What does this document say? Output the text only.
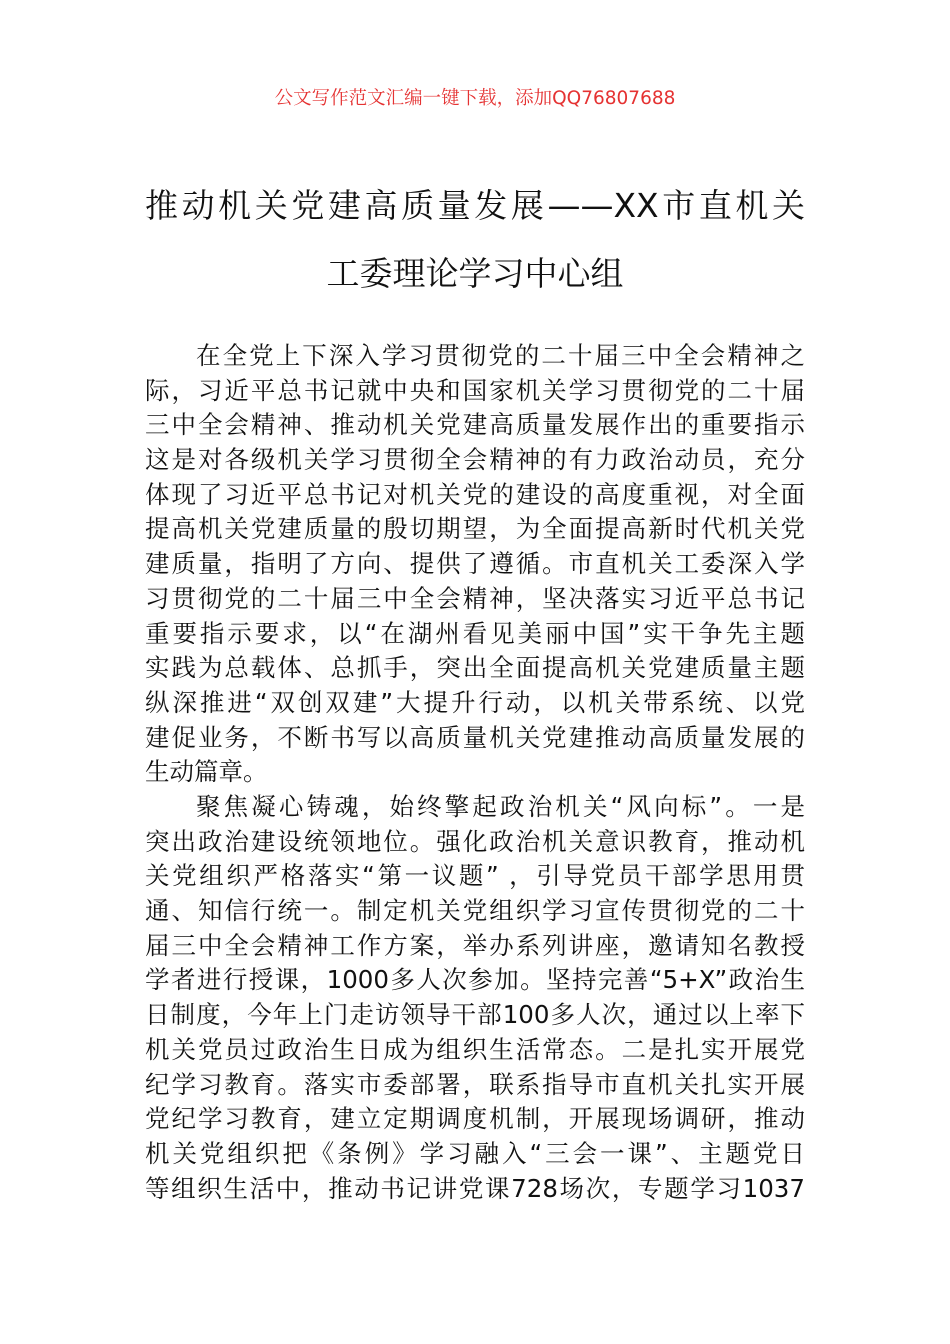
公文写作范文汇编一键下载，添加QQ76807688
推动机关党建高质量发展——XX市直机关
工委理论学习中心组
在全党上下深入学习贯彻党的二十届三中全会精神之
际，习近平总书记就中央和国家机关学习贯彻党的二十届
三中全会精神、推动机关党建高质量发展作出的重要指示
这是对各级机关学习贯彻全会精神的有力政治动员，充分
体现了习近平总书记对机关党的建设的高度重视，对全面
提高机关党建质量的殷切期望，为全面提高新时代机关党
建质量，指明了方向、提供了遵循。市直机关工委深入学
习贯彻党的二十届三中全会精神，坚决落实习近平总书记
重要指示要求，以“在湖州看见美丽中国”实干争先主题
实践为总载体、总抓手，突出全面提高机关党建质量主题
纵深推进“双创双建”大提升行动，以机关带系统、以党
建促业务，不断书写以高质量机关党建推动高质量发展的
生动篇章。
聚焦凝心铸魂，始终擎起政治机关“风向标”。一是
突出政治建设统领地位。强化政治机关意识教育，推动机
关党组织严格落实“第一议题” ，引导党员干部学思用贯
通、知信行统一。制定机关党组织学习宣传贯彻党的二十
届三中全会精神工作方案，举办系列讲座，邀请知名教授
学者进行授课，1000多人次参加。坚持完善“5+X”政治生
日制度，今年上门走访领导干部100多人次，通过以上率下
机关党员过政治生日成为组织生活常态。二是扎实开展党
纪学习教育。落实市委部署，联系指导市直机关扎实开展
党纪学习教育，建立定期调度机制，开展现场调研，推动
机关党组织把《条例》学习融入“三会一课”、主题党日
等组织生活中，推动书记讲党课728场次，专题学习1037
